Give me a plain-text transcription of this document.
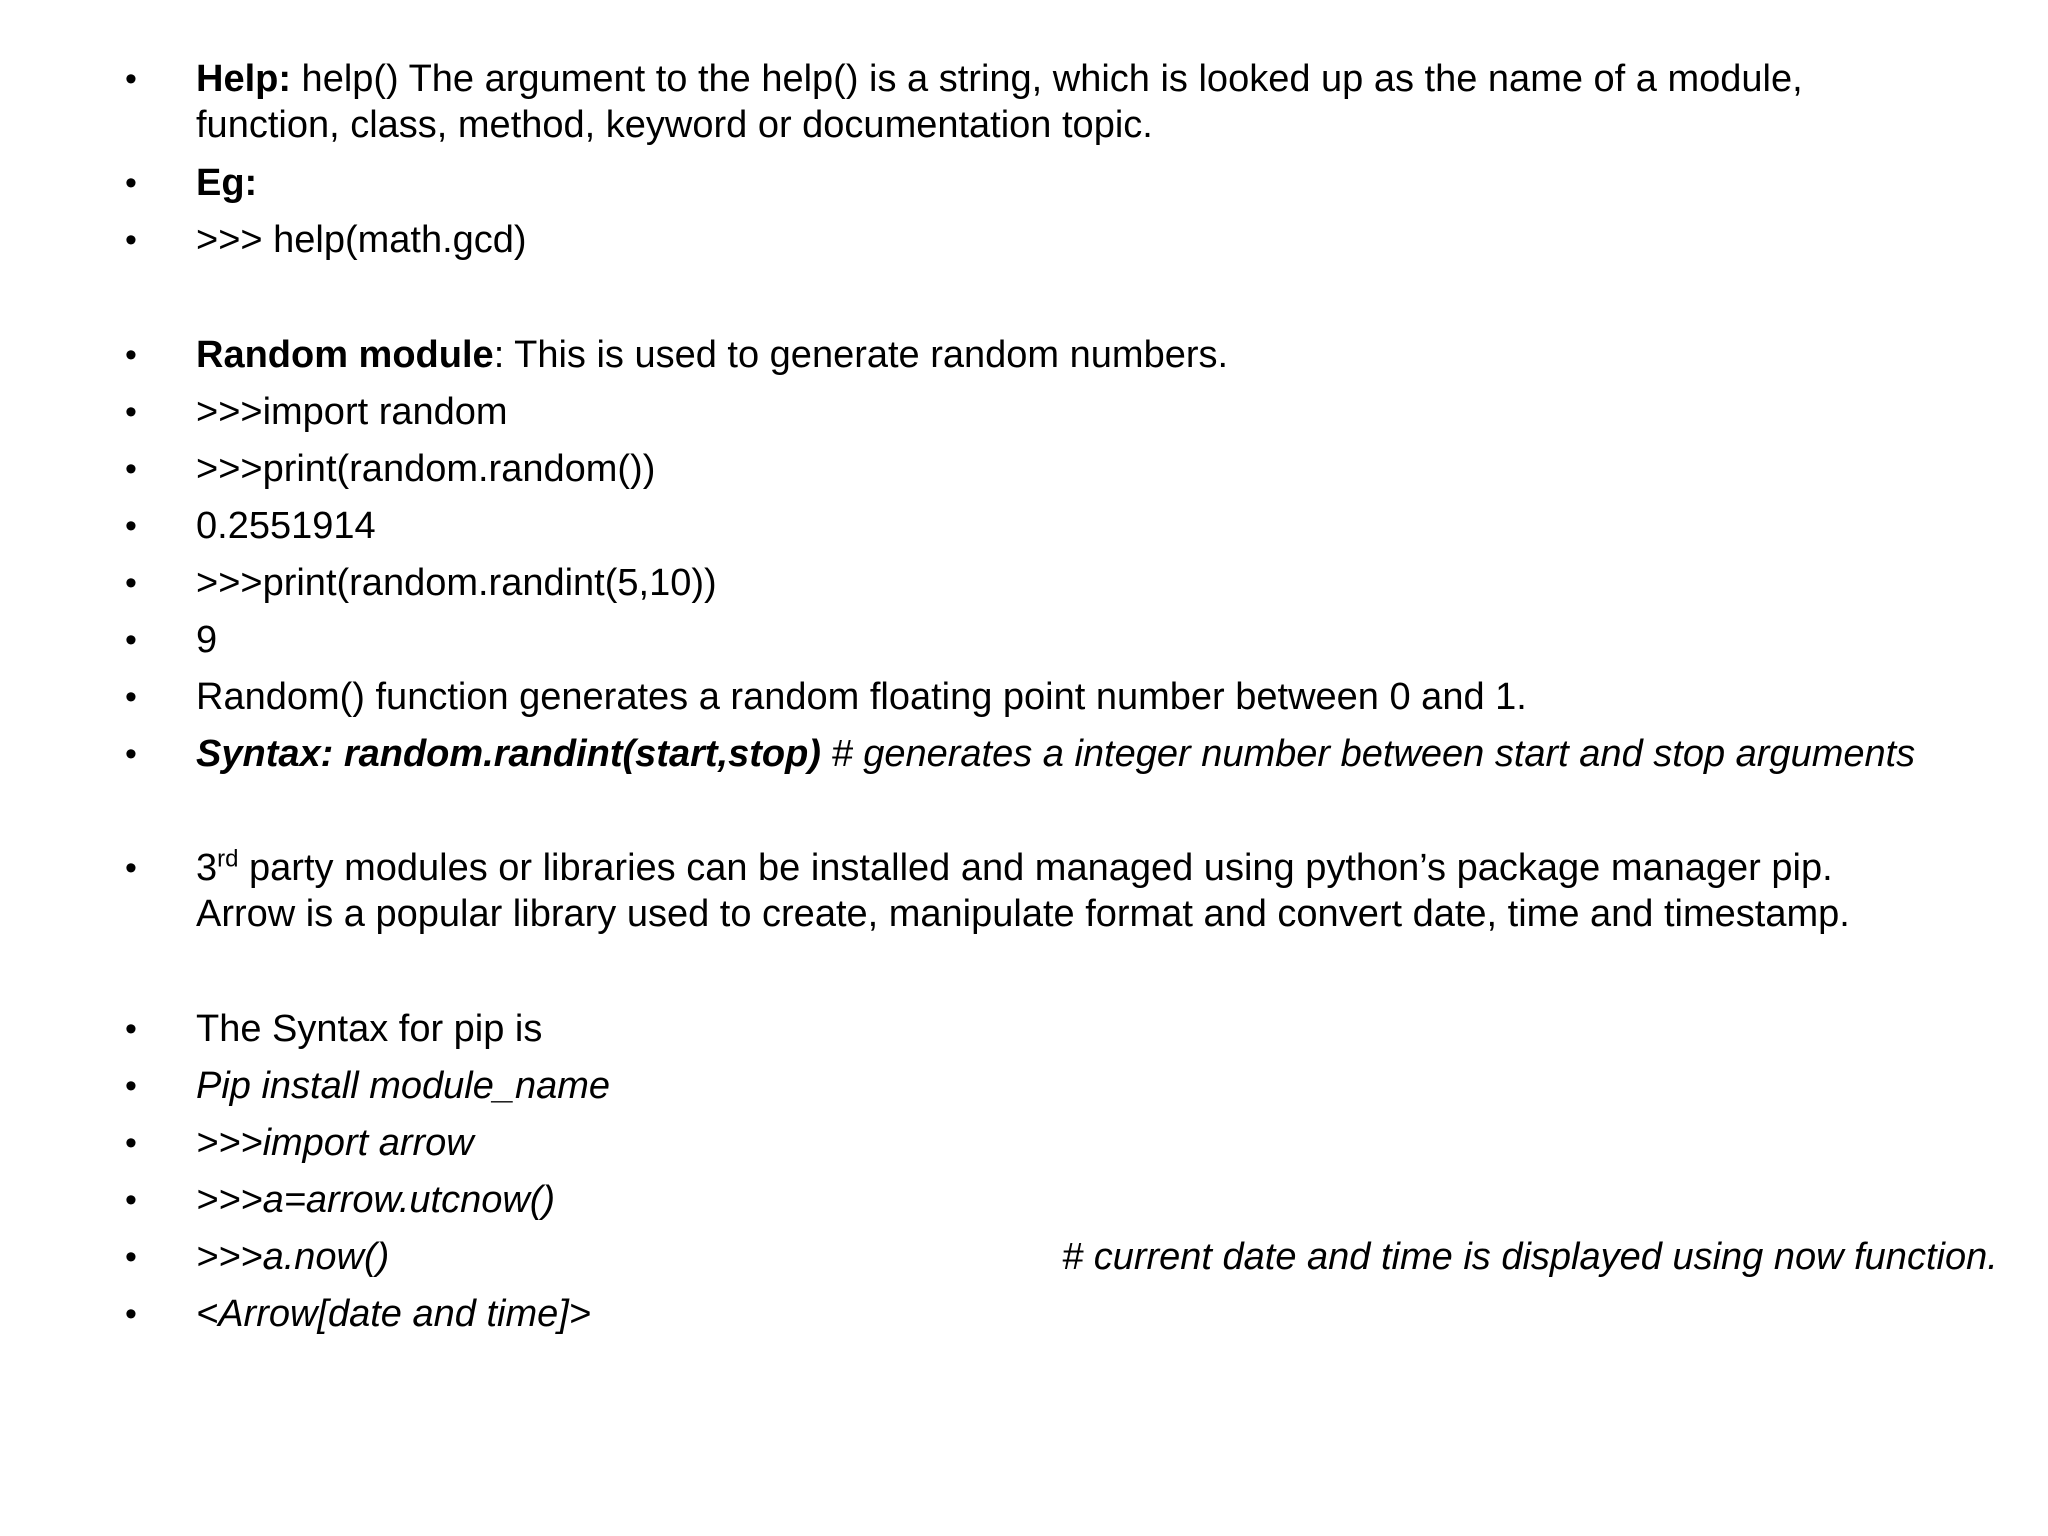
• Help: help() The argument to the help() is a string, which is looked up as the name of a module,
function, class, method, keyword or documentation topic.
• Eg:
• >>> help(math.gcd)
• Random module: This is used to generate random numbers.
• >>>import random
• >>>print(random.random())
• 0.2551914
• >>>print(random.randint(5,10))
• 9
• Random() function generates a random floating point number between 0 and 1.
• Syntax: random.randint(start,stop) # generates a integer number between start and stop arguments
• 3rd party modules or libraries can be installed and managed using python’s package manager pip.
Arrow is a popular library used to create, manipulate format and convert date, time and timestamp.
• The Syntax for pip is
• Pip install module_name
• >>>import arrow
• >>>a=arrow.utcnow()
• >>>a.now()	# current date and time is displayed using now function.
• <Arrow[date and time]>
